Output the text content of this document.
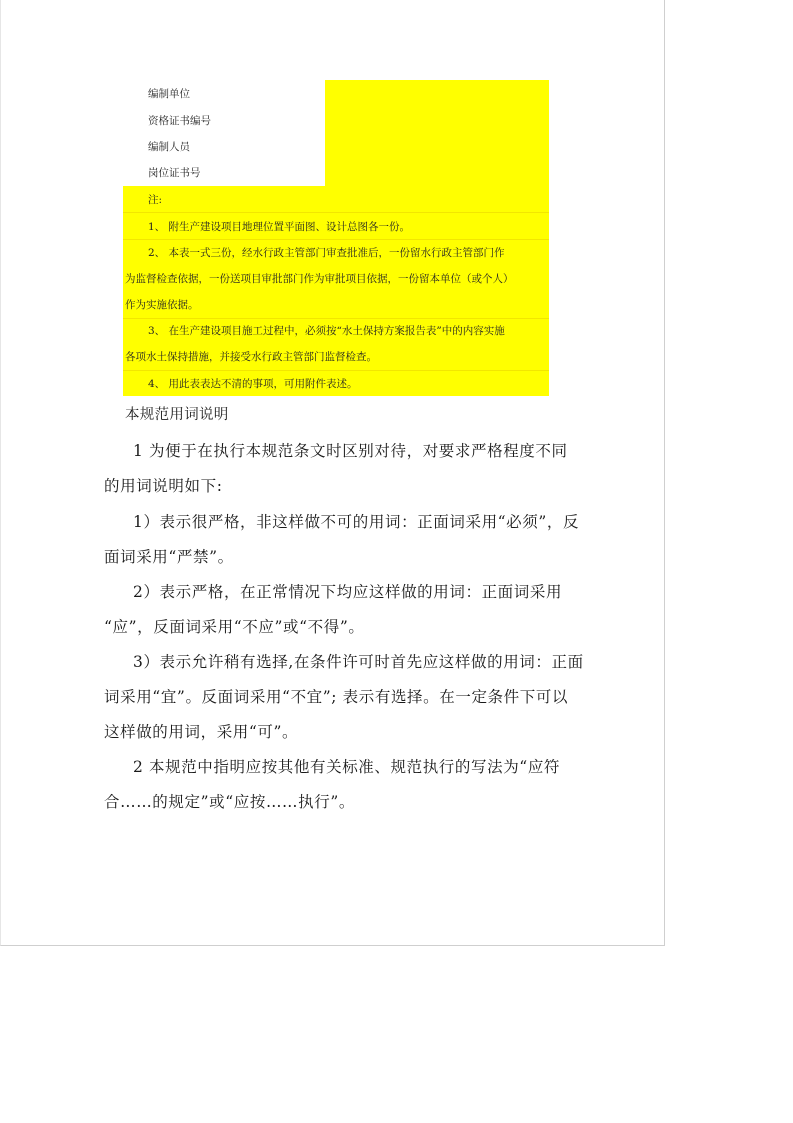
编制单位
资格证书编号
编制人员
岗位证书号
注:
1、 附生产建设项目地理位置平面图、设计总图各一份。
2、 本表一式三份，经水行政主管部门审查批准后，一份留水行政主管部门作
为监督检查依据，一份送项目审批部门作为审批项目依据，一份留本单位（或个人）
作为实施依据。
3、 在生产建设项目施工过程中，必须按“水土保持方案报告表”中的内容实施
各项水土保持措施，并接受水行政主管部门监督检查。
4、 用此表表达不清的事项，可用附件表述。
本规范用词说明
1 为便于在执行本规范条文时区别对待，对要求严格程度不同
的用词说明如下:
1）表示很严格，非这样做不可的用词：正面词采用“必须”，反
面词采用“严禁”。
2）表示严格，在正常情况下均应这样做的用词：正面词采用
“应”，反面词采用“不应”或“不得”。
3）表示允许稍有选择,在条件许可时首先应这样做的用词：正面
词采用“宜”。反面词采用“不宜”; 表示有选择。在一定条件下可以
这样做的用词，采用“可”。
2 本规范中指明应按其他有关标准、规范执行的写法为“应符
合……的规定”或“应按……执行”。
